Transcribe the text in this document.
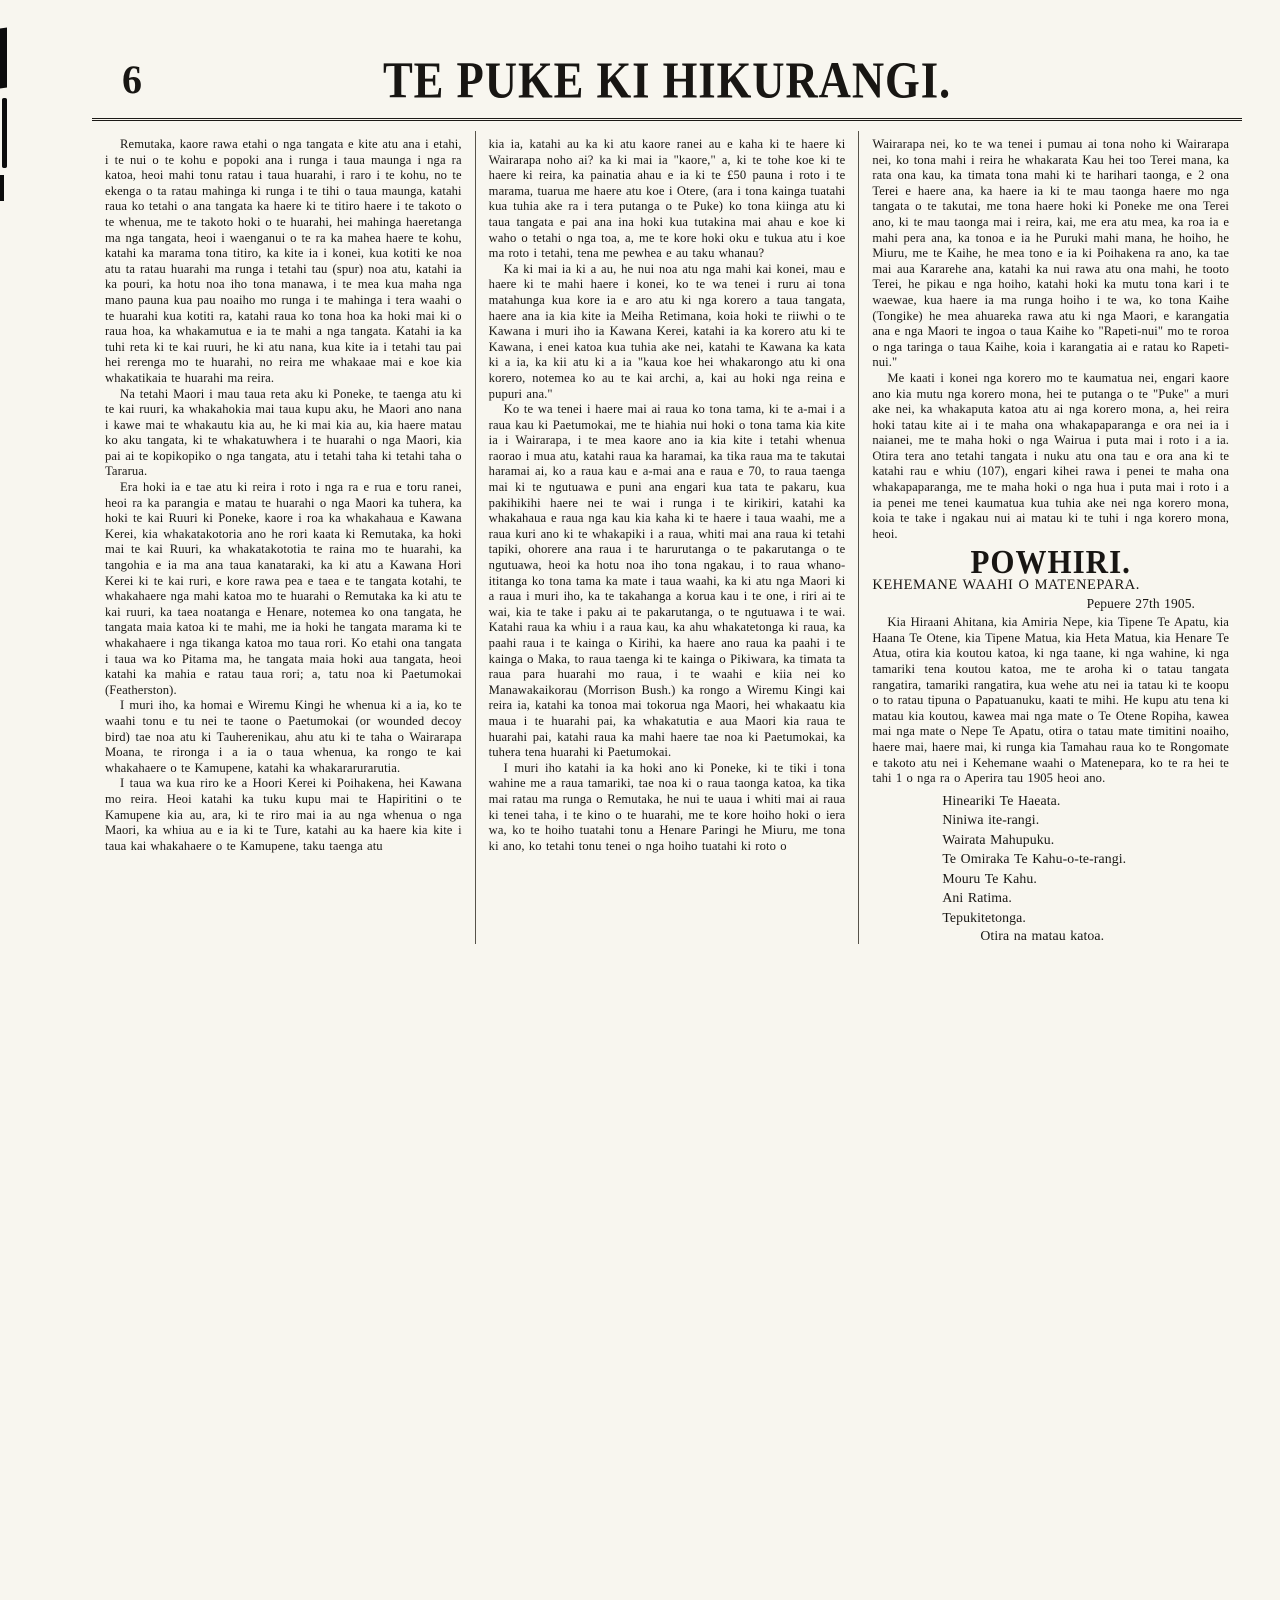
6	TE PUKE KI HIKURANGI.

Remutaka, kaore rawa etahi o nga tangata e kite atu ana i etahi, i te nui o te kohu e popoki ana i runga i taua maunga i nga ra katoa, heoi mahi tonu ratau i taua huarahi, i raro i te kohu, no te ekenga o ta ratau mahinga ki runga i te tihi o taua maunga, katahi raua ko tetahi o ana tangata ka haere ki te titiro haere i te takoto o te whenua, me te takoto hoki o te huarahi, hei mahinga haeretanga ma nga tangata, heoi i waenganui o te ra ka mahea haere te kohu, katahi ka marama tona titiro, ka kite ia i konei, kua kotiti ke noa atu ta ratau huarahi ma runga i tetahi tau (spur) noa atu, katahi ia ka pouri, ka hotu noa iho tona manawa, i te mea kua maha nga mano pauna kua pau noaiho mo runga i te mahinga i tera waahi o te huarahi kua kotiti ra, katahi raua ko tona hoa ka hoki mai ki o raua hoa, ka whakamutua e ia te mahi a nga tangata. Katahi ia ka tuhi reta ki te kai ruuri, he ki atu nana, kua kite ia i tetahi tau pai hei rerenga mo te huarahi, no reira me whakaae mai e koe kia whakatikaia te huarahi ma reira.

Na tetahi Maori i mau taua reta aku ki Poneke, te taenga atu ki te kai ruuri, ka whakahokia mai taua kupu aku, he Maori ano nana i kawe mai te whakautu kia au, he ki mai kia au, kia haere matau ko aku tangata, ki te whakatuwhera i te huarahi o nga Maori, kia pai ai te kopikopiko o nga tangata, atu i tetahi taha ki tetahi taha o Tararua.

Era hoki ia e tae atu ki reira i roto i nga ra e rua e toru ranei, heoi ra ka parangia e matau te huarahi o nga Maori ka tuhera, ka hoki te kai Ruuri ki Poneke, kaore i roa ka whakahaua e Kawana Kerei, kia whakatakotoria ano he rori kaata ki Remutaka, ka hoki mai te kai Ruuri, ka whakatakototia te raina mo te huarahi, ka tangohia e ia ma ana taua kanataraki, ka ki atu a Kawana Hori Kerei ki te kai ruri, e kore rawa pea e taea e te tangata kotahi, te whakahaere nga mahi katoa mo te huarahi o Remutaka ka ki atu te kai ruuri, ka taea noatanga e Henare, notemea ko ona tangata, he tangata maia katoa ki te mahi, me ia hoki he tangata marama ki te whakahaere i nga tikanga katoa mo taua rori. Ko etahi ona tangata i taua wa ko Pitama ma, he tangata maia hoki aua tangata, heoi katahi ka mahia e ratau taua rori; a, tatu noa ki Paetumokai (Featherston).

I muri iho, ka homai e Wiremu Kingi he whenua ki a ia, ko te waahi tonu e tu nei te taone o Paetumokai (or wounded decoy bird) tae noa atu ki Tauherenikau, ahu atu ki te taha o Wairarapa Moana, te rironga i a ia o taua whenua, ka rongo te kai whakahaere o te Kamupene, katahi ka whakararurarutia.

I taua wa kua riro ke a Hoori Kerei ki Poihakena, hei Kawana mo reira. Heoi katahi ka tuku kupu mai te Hapiritini o te Kamupene kia au, ara, ki te riro mai ia au nga whenua o nga Maori, ka whiua au e ia ki te Ture, katahi au ka haere kia kite i taua kai whakahaere o te Kamupene, taku taenga atu

kia ia, katahi au ka ki atu kaore ranei au e kaha ki te haere ki Wairarapa noho ai? ka ki mai ia "kaore," a, ki te tohe koe ki te haere ki reira, ka painatia ahau e ia ki te £50 pauna i roto i te marama, tuarua me haere atu koe i Otere, (ara i tona kainga tuatahi kua tuhia ake ra i tera putanga o te Puke) ko tona kiinga atu ki taua tangata e pai ana ina hoki kua tutakina mai ahau e koe ki waho o tetahi o nga toa, a, me te kore hoki oku e tukua atu i koe ma roto i tetahi, tena me pewhea e au taku whanau?

Ka ki mai ia ki a au, he nui noa atu nga mahi kai konei, mau e haere ki te mahi haere i konei, ko te wa tenei i ruru ai tona matahunga kua kore ia e aro atu ki nga korero a taua tangata, haere ana ia kia kite ia Meiha Retimana, koia hoki te riiwhi o te Kawana i muri iho ia Kawana Kerei, katahi ia ka korero atu ki te Kawana, i enei katoa kua tuhia ake nei, katahi te Kawana ka kata ki a ia, ka kii atu ki a ia "kaua koe hei whakarongo atu ki ona korero, notemea ko au te kai archi, a, kai au hoki nga reina e pupuri ana."

Ko te wa tenei i haere mai ai raua ko tona tama, ki te a-mai i a raua kau ki Paetumokai, me te hiahia nui hoki o tona tama kia kite ia i Wairarapa, i te mea kaore ano ia kia kite i tetahi whenua raorao i mua atu, katahi raua ka haramai, ka tika raua ma te takutai haramai ai, ko a raua kau e a-mai ana e raua e 70, to raua taenga mai ki te ngutuawa e puni ana engari kua tata te pakaru, kua pakihikihi haere nei te wai i runga i te kirikiri, katahi ka whakahaua e raua nga kau kia kaha ki te haere i taua waahi, me a raua kuri ano ki te whakapiki i a raua, whiti mai ana raua ki tetahi tapiki, ohorere ana raua i te harurutanga o te pakarutanga o te ngutuawa, heoi ka hotu noa iho tona ngakau, i to raua whano-ititanga ko tona tama ka mate i taua waahi, ka ki atu nga Maori ki a raua i muri iho, ka te takahanga a korua kau i te one, i riri ai te wai, kia te take i paku ai te pakarutanga, o te ngutuawa i te wai. Katahi raua ka whiu i a raua kau, ka ahu whakatetonga ki raua, ka paahi raua i te kainga o Kirihi, ka haere ano raua ka paahi i te kainga o Maka, to raua taenga ki te kainga o Pikiwara, ka timata ta raua para huarahi mo raua, i te waahi e kiia nei ko Manawakaikorau (Morrison Bush.) ka rongo a Wiremu Kingi kai reira ia, katahi ka tonoa mai tokorua nga Maori, hei whakaatu kia maua i te huarahi pai, ka whakatutia e aua Maori kia raua te huarahi pai, katahi raua ka mahi haere tae noa ki Paetumokai, ka tuhera tena huarahi ki Paetumokai.

I muri iho katahi ia ka hoki ano ki Poneke, ki te tiki i tona wahine me a raua tamariki, tae noa ki o raua taonga katoa, ka tika mai ratau ma runga o Remutaka, he nui te uaua i whiti mai ai raua ki tenei taha, i te kino o te huarahi, me te kore hoiho hoki o iera wa, ko te hoiho tuatahi tonu a Henare Paringi he Miuru, me tona ki ano, ko tetahi tonu tenei o nga hoiho tuatahi ki roto o

Wairarapa nei, ko te wa tenei i pumau ai tona noho ki Wairarapa nei, ko tona mahi i reira he whakarata Kau hei too Terei mana, ka rata ona kau, ka timata tona mahi ki te harihari taonga, e 2 ona Terei e haere ana, ka haere ia ki te mau taonga haere mo nga tangata o te takutai, me tona haere hoki ki Poneke me ona Terei ano, ki te mau taonga mai i reira, kai, me era atu mea, ka roa ia e mahi pera ana, ka tonoa e ia he Puruki mahi mana, he hoiho, he Miuru, me te Kaihe, he mea tono e ia ki Poihakena ra ano, ka tae mai aua Kararehe ana, katahi ka nui rawa atu ona mahi, he tooto Terei, he pikau e nga hoiho, katahi hoki ka mutu tona kari i te waewae, kua haere ia ma runga hoiho i te wa, ko tona Kaihe (Tongike) he mea ahuareka rawa atu ki nga Maori, e karangatia ana e nga Maori te ingoa o taua Kaihe ko "Rapeti-nui" mo te roroa o nga taringa o taua Kaihe, koia i karangatia ai e ratau ko Rapeti-nui."

Me kaati i konei nga korero mo te kaumatua nei, engari kaore ano kia mutu nga korero mona, hei te putanga o te "Puke" a muri ake nei, ka whakaputa katoa atu ai nga korero mona, a, hei reira hoki tatau kite ai i te maha ona whakapaparanga e ora nei ia i naianei, me te maha hoki o nga Wairua i puta mai i roto i a ia. Otira tera ano tetahi tangata i nuku atu ona tau e ora ana ki te katahi rau e whiu (107), engari kihei rawa i penei te maha ona whakapaparanga, me te maha hoki o nga hua i puta mai i roto i a ia penei me tenei kaumatua kua tuhia ake nei nga korero mona, koia te take i ngakau nui ai matau ki te tuhi i nga korero mona, heoi.

POWHIRI.

KEHEMANE WAAHI O MATENEPARA.

Pepuere 27th 1905.

Kia Hiraani Ahitana, kia Amiria Nepe, kia Tipene Te Apatu, kia Haana Te Otene, kia Tipene Matua, kia Heta Matua, kia Henare Te Atua, otira kia koutou katoa, ki nga taane, ki nga wahine, ki nga tamariki tena koutou katoa, me te aroha ki o tatau tangata rangatira, tamariki rangatira, kua wehe atu nei ia tatau ki te koopu o to ratau tipuna o Papatuanuku, kaati te mihi. He kupu atu tena ki matau kia koutou, kawea mai nga mate o Te Otene Ropiha, kawea mai nga mate o Nepe Te Apatu, otira o tatau mate timitini noaiho, haere mai, haere mai, ki runga kia Tamahau raua ko te Rongomate e takoto atu nei i Kehemane waahi o Matenepara, ko te ra hei te tahi 1 o nga ra o Aperira tau 1905 heoi ano.

Hineariki Te Haeata.
Niniwa ite-rangi.
Wairata Mahupuku.
Te Omiraka Te Kahu-o-te-rangi.
Mouru Te Kahu.
Ani Ratima.
Tepukitetonga.
Otira na matau katoa.
